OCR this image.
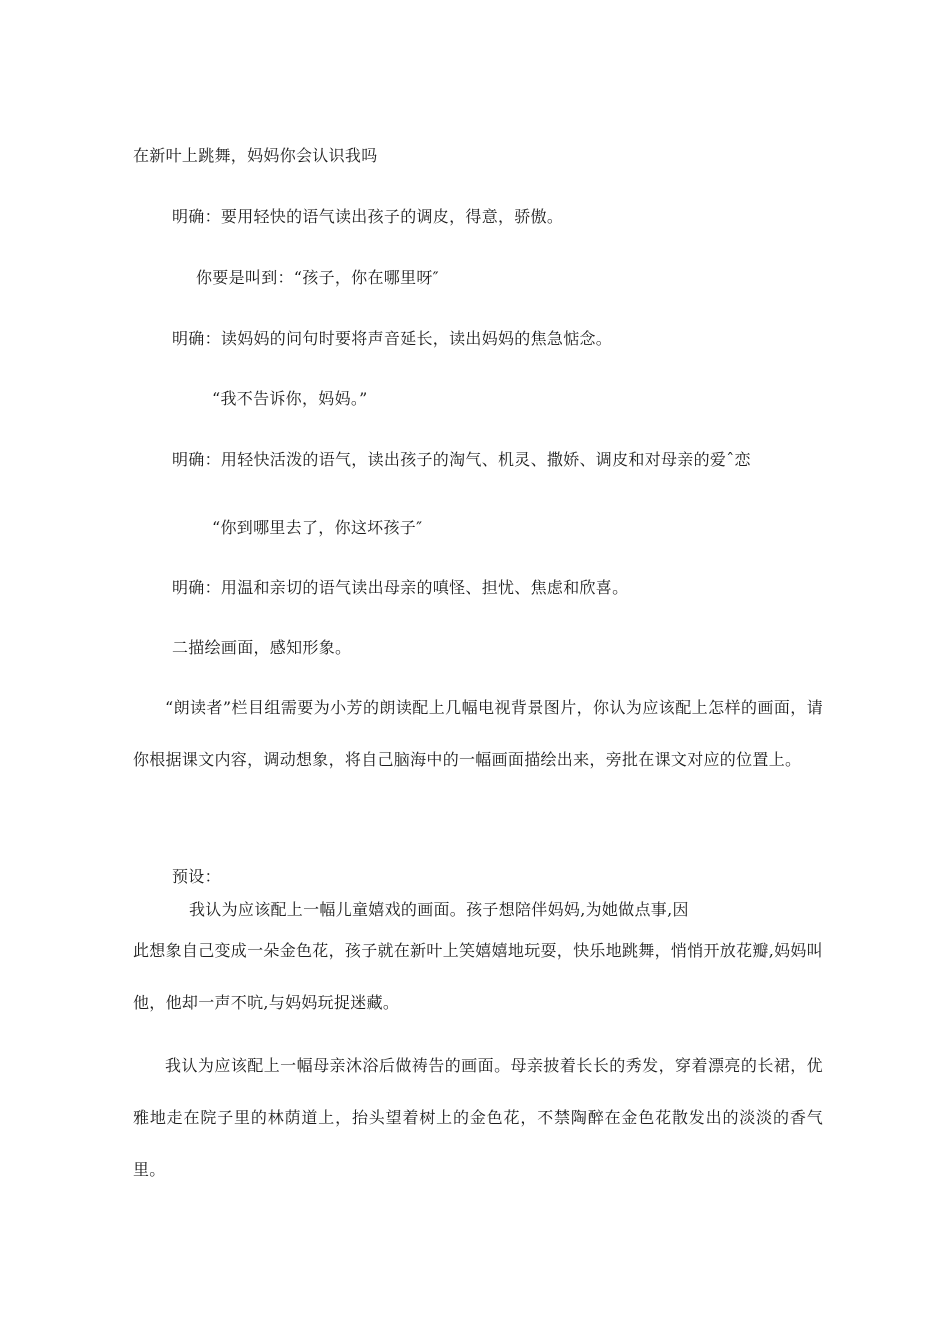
在新叶上跳舞，妈妈你会认识我吗
明确：要用轻快的语气读出孩子的调皮，得意，骄傲。
你要是叫到：“孩子，你在哪里呀″
明确：读妈妈的问句时要将声音延长，读出妈妈的焦急惦念。
“我不告诉你，妈妈。”
明确：用轻快活泼的语气，读出孩子的淘气、机灵、撒娇、调皮和对母亲的爱ˆ恋
“你到哪里去了，你这坏孩子″
明确：用温和亲切的语气读出母亲的嗔怪、担忧、焦虑和欣喜。
二描绘画面，感知形象。
“朗读者”栏目组需要为小芳的朗读配上几幅电视背景图片，你认为应该配上怎样的画面，请你根据课文内容，调动想象，将自己脑海中的一幅画面描绘出来，旁批在课文对应的位置上。
预设：
我认为应该配上一幅儿童嬉戏的画面。孩子想陪伴妈妈,为她做点事,因
此想象自己变成一朵金色花，孩子就在新叶上笑嬉嬉地玩耍，快乐地跳舞，悄悄开放花瓣,妈妈叫他，他却一声不吭,与妈妈玩捉迷藏。
我认为应该配上一幅母亲沐浴后做祷告的画面。母亲披着长长的秀发，穿着漂亮的长裙，优雅地走在院子里的林荫道上，抬头望着树上的金色花，不禁陶醉在金色花散发出的淡淡的香气里。
